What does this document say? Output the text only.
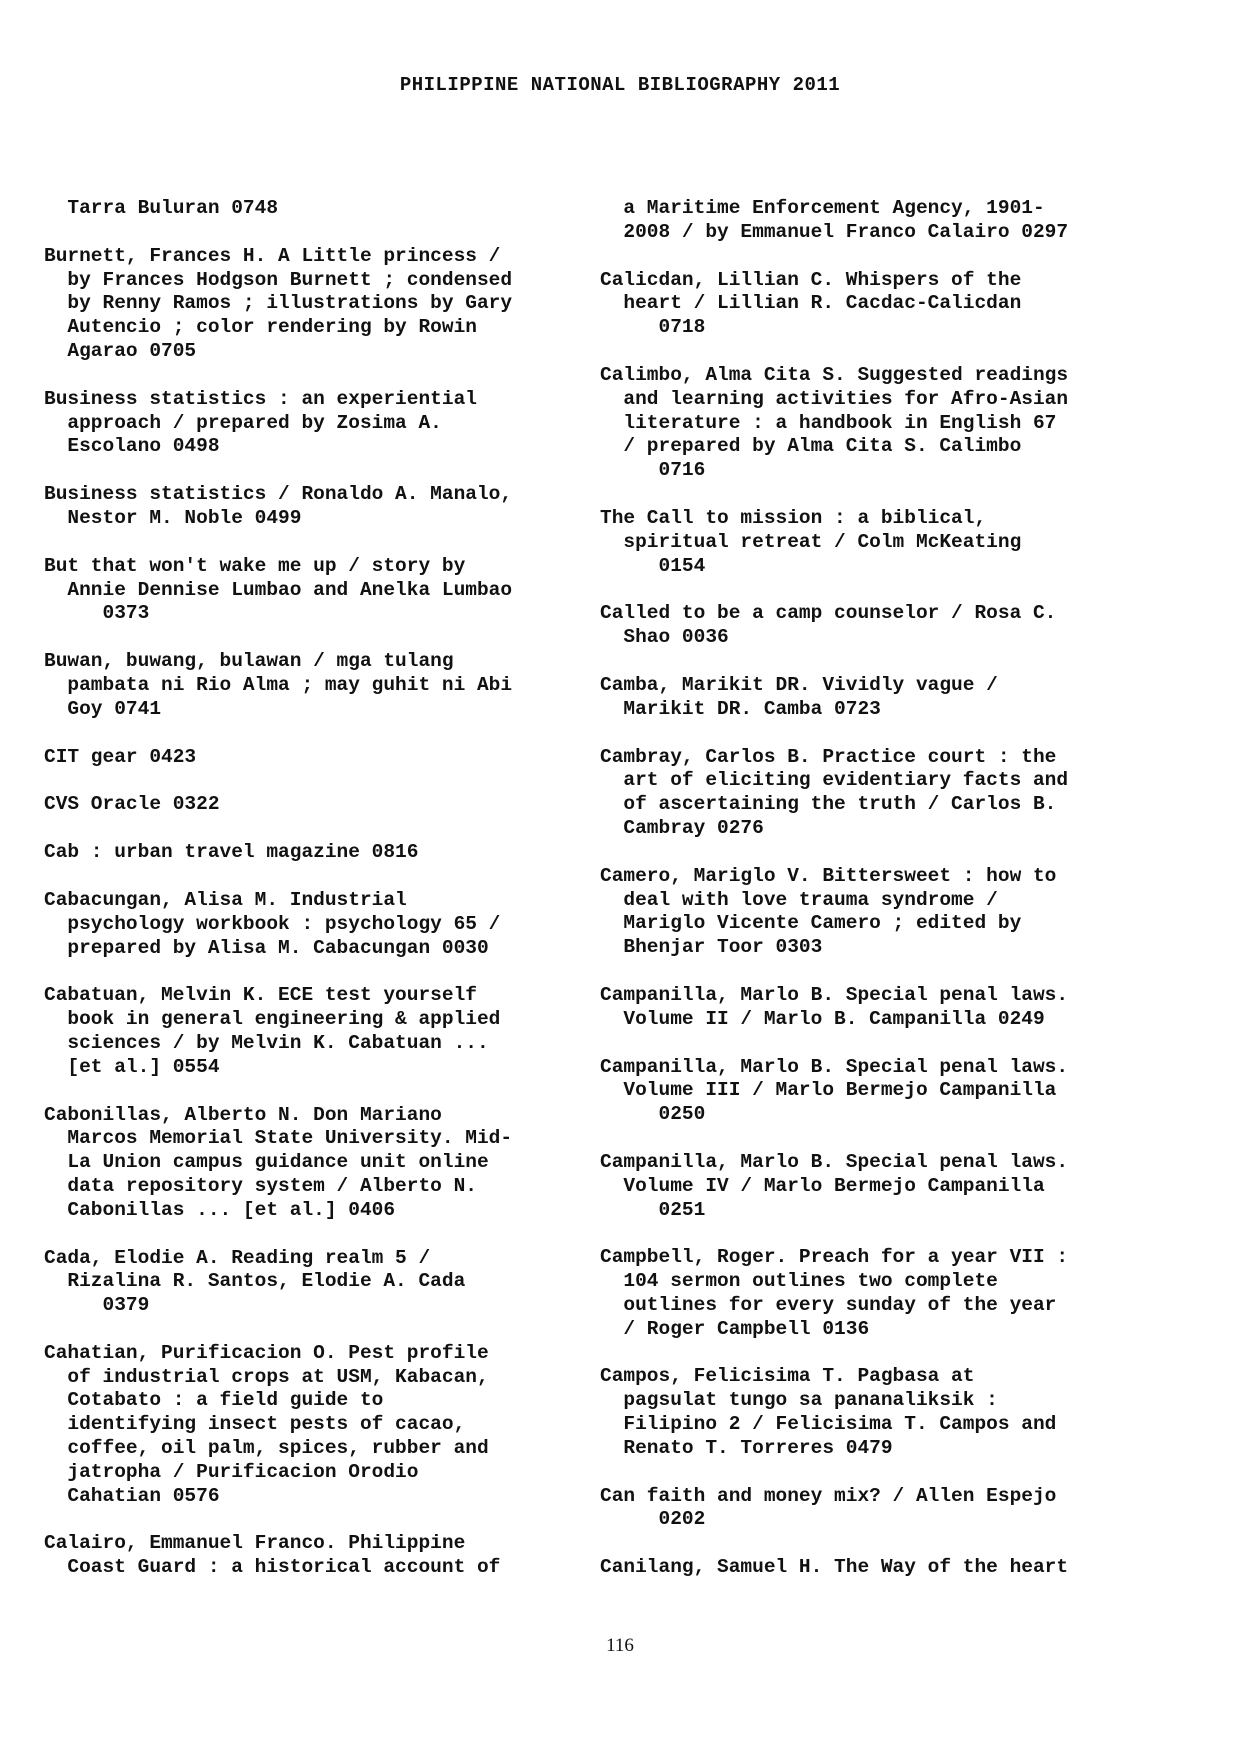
PHILIPPINE NATIONAL BIBLIOGRAPHY 2011
Tarra Buluran 0748
Burnett, Frances H. A Little princess /
by Frances Hodgson Burnett ; condensed
by Renny Ramos ; illustrations by Gary
Autencio ; color rendering by Rowin
Agarao 0705
Business statistics : an experiential
approach / prepared by Zosima A.
Escolano 0498
Business statistics / Ronaldo A. Manalo,
Nestor M. Noble 0499
But that won't wake me up / story by
Annie Dennise Lumbao and Anelka Lumbao
0373
Buwan, buwang, bulawan / mga tulang
pambata ni Rio Alma ; may guhit ni Abi
Goy 0741
CIT gear 0423
CVS Oracle 0322
Cab : urban travel magazine 0816
Cabacungan, Alisa M. Industrial
psychology workbook : psychology 65 /
prepared by Alisa M. Cabacungan 0030
Cabatuan, Melvin K. ECE test yourself
book in general engineering & applied
sciences / by Melvin K. Cabatuan ...
[et al.] 0554
Cabonillas, Alberto N. Don Mariano
Marcos Memorial State University. Mid-
La Union campus guidance unit online
data repository system / Alberto N.
Cabonillas ... [et al.] 0406
Cada, Elodie A. Reading realm 5 /
Rizalina R. Santos, Elodie A. Cada
0379
Cahatian, Purificacion O. Pest profile
of industrial crops at USM, Kabacan,
Cotabato : a field guide to
identifying insect pests of cacao,
coffee, oil palm, spices, rubber and
jatropha / Purificacion Orodio
Cahatian 0576
Calairo, Emmanuel Franco. Philippine
Coast Guard : a historical account of
a Maritime Enforcement Agency, 1901-
2008 / by Emmanuel Franco Calairo 0297
Calicdan, Lillian C. Whispers of the
heart / Lillian R. Cacdac-Calicdan
0718
Calimbo, Alma Cita S. Suggested readings
and learning activities for Afro-Asian
literature : a handbook in English 67
/ prepared by Alma Cita S. Calimbo
0716
The Call to mission : a biblical,
spiritual retreat / Colm McKeating
0154
Called to be a camp counselor / Rosa C.
Shao 0036
Camba, Marikit DR. Vividly vague /
Marikit DR. Camba 0723
Cambray, Carlos B. Practice court : the
art of eliciting evidentiary facts and
of ascertaining the truth / Carlos B.
Cambray 0276
Camero, Mariglo V. Bittersweet : how to
deal with love trauma syndrome /
Mariglo Vicente Camero ; edited by
Bhenjar Toor 0303
Campanilla, Marlo B. Special penal laws.
Volume II / Marlo B. Campanilla 0249
Campanilla, Marlo B. Special penal laws.
Volume III / Marlo Bermejo Campanilla
0250
Campanilla, Marlo B. Special penal laws.
Volume IV / Marlo Bermejo Campanilla
0251
Campbell, Roger. Preach for a year VII :
104 sermon outlines two complete
outlines for every sunday of the year
/ Roger Campbell 0136
Campos, Felicisima T. Pagbasa at
pagsulat tungo sa pananaliksik :
Filipino 2 / Felicisima T. Campos and
Renato T. Torreres 0479
Can faith and money mix? / Allen Espejo
0202
Canilang, Samuel H. The Way of the heart
116
